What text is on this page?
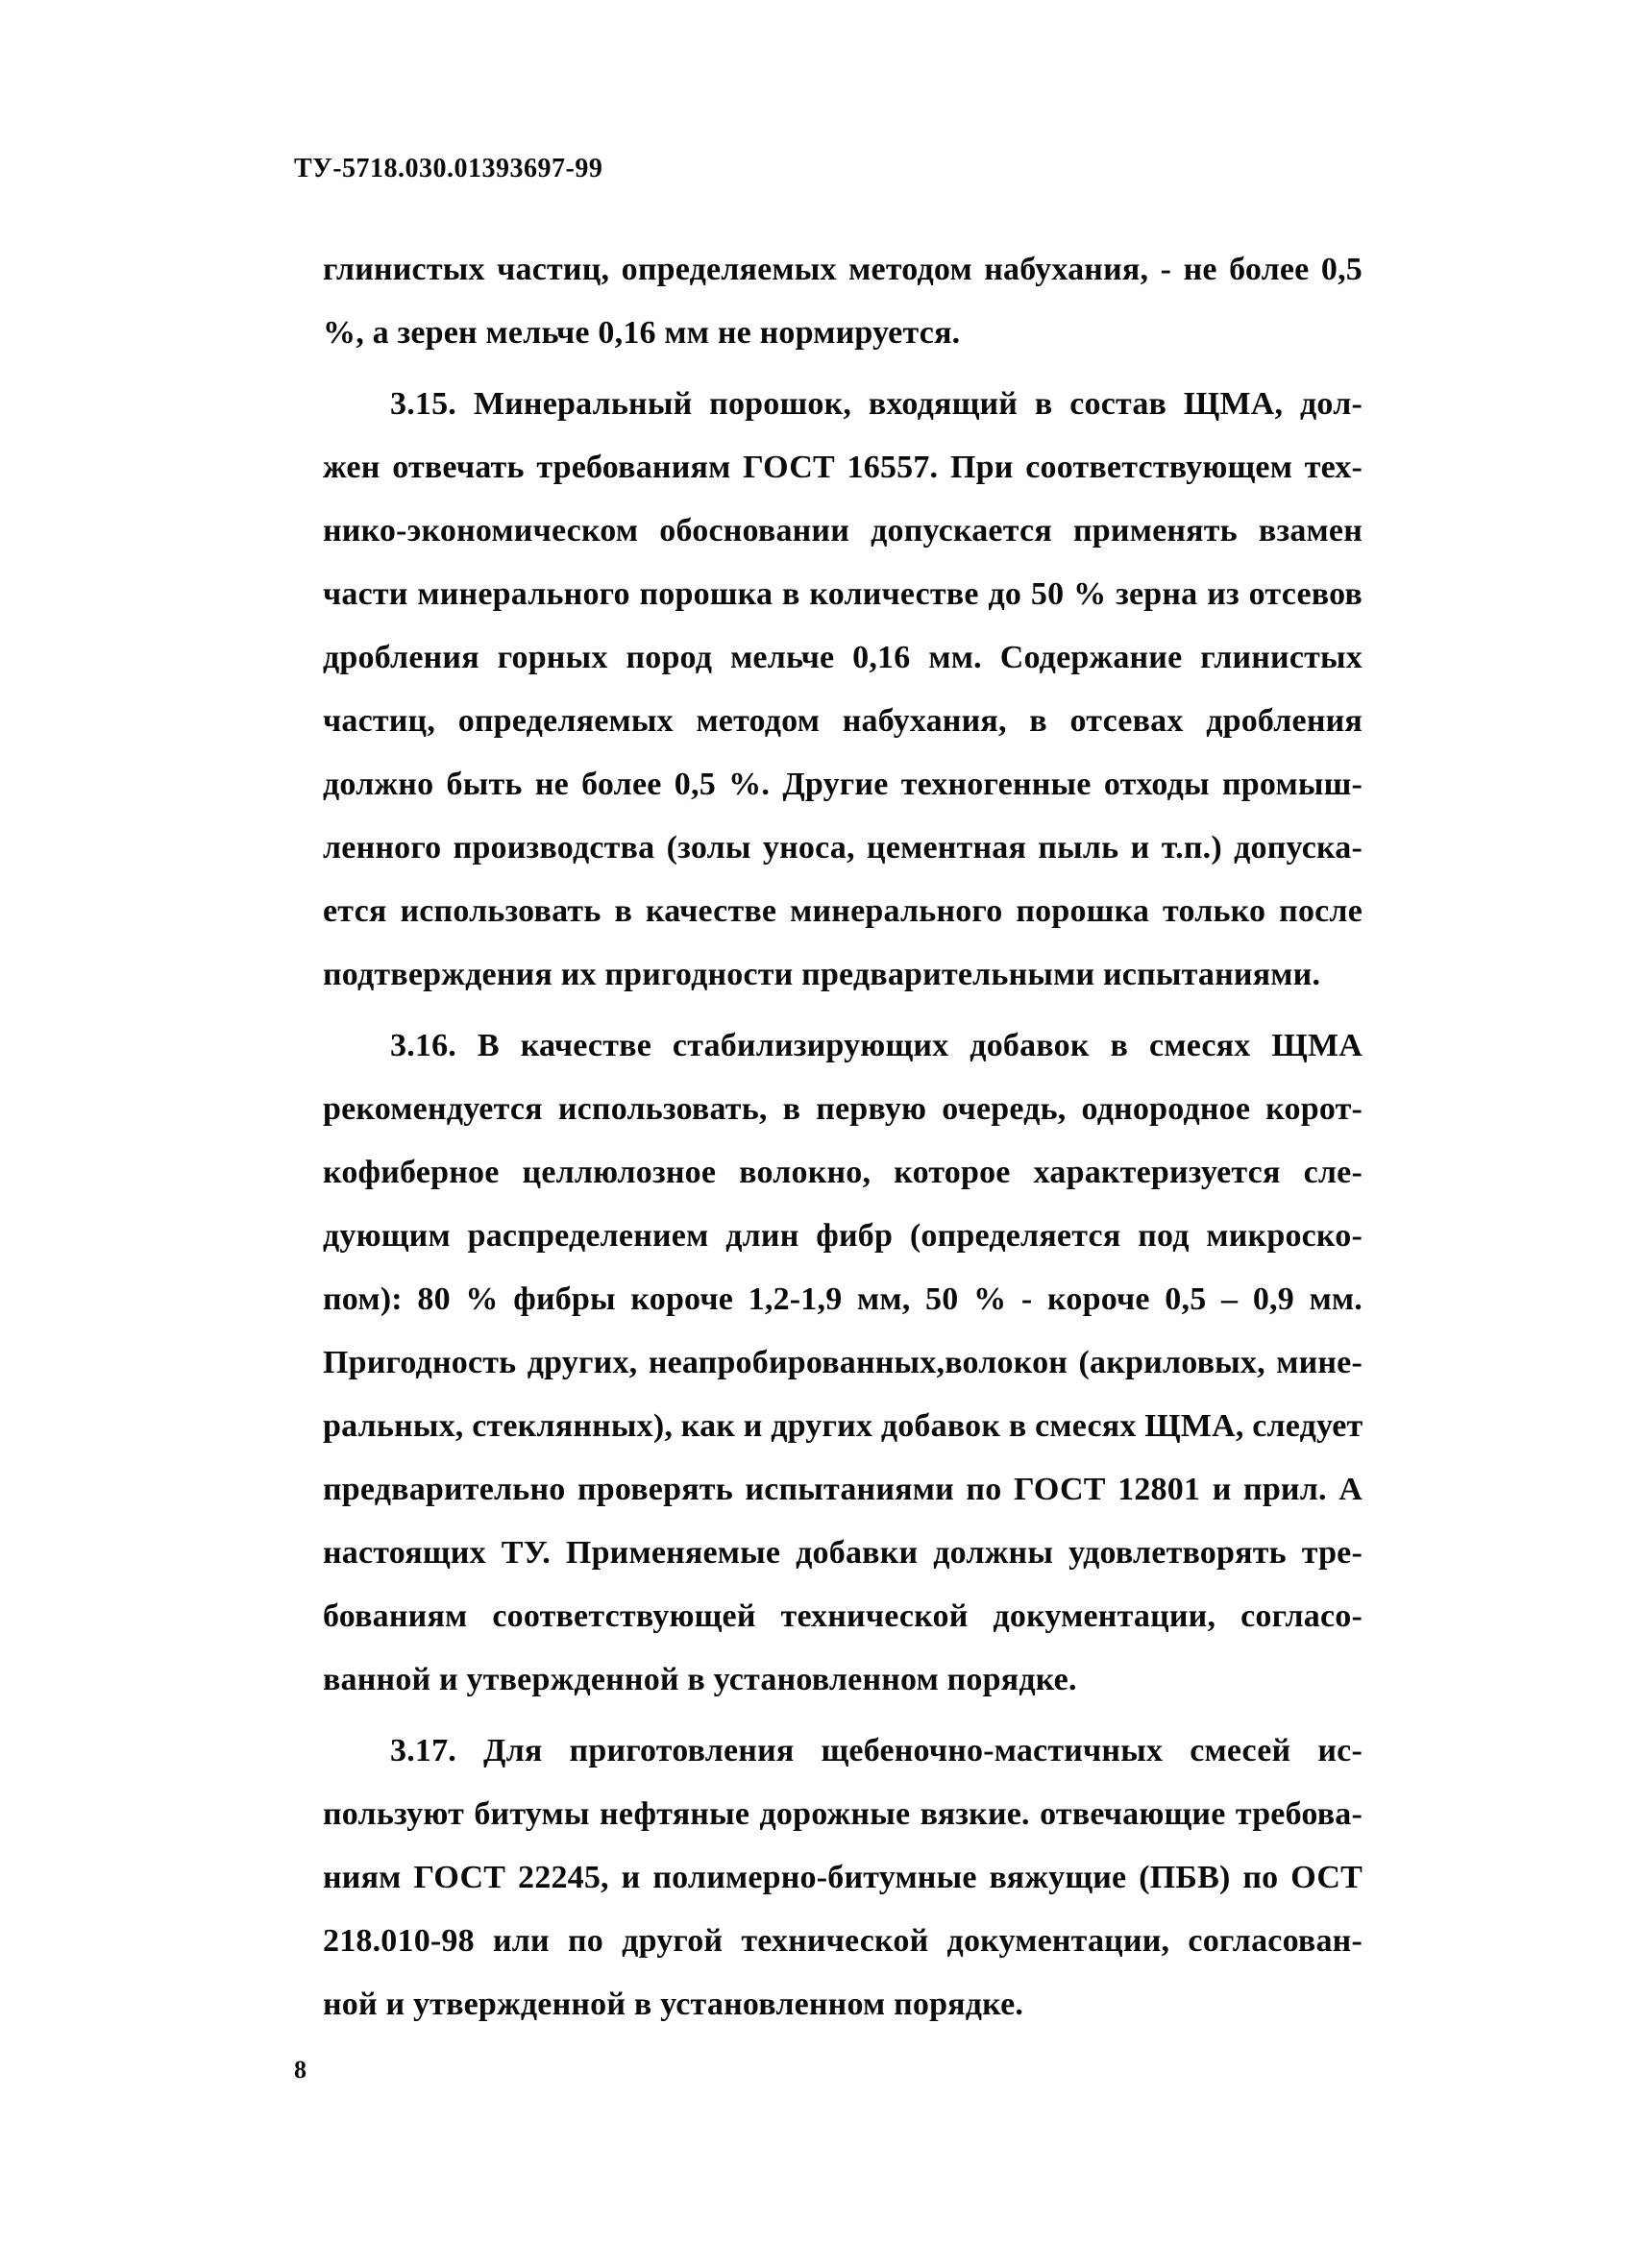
ТУ-5718.030.01393697-99
глинистых частиц, определяемых методом набухания, - не более 0,5
%, а зерен мельче 0,16 мм не нормируется.
3.15. Минеральный порошок, входящий в состав ЩМА, дол-
жен отвечать требованиям ГОСТ 16557. При соответствующем тех-
нико-экономическом обосновании допускается применять взамен
части минерального порошка в количестве до 50 % зерна из отсевов
дробления горных пород мельче 0,16 мм. Содержание глинистых
частиц, определяемых методом набухания, в отсевах дробления
должно быть не более 0,5 %. Другие техногенные отходы промыш-
ленного производства (золы уноса, цементная пыль и т.п.) допуска-
ется использовать в качестве минерального порошка только после
подтверждения их пригодности предварительными испытаниями.
3.16. В качестве стабилизирующих добавок в смесях ЩМА
рекомендуется использовать, в первую очередь, однородное корот-
кофиберное целлюлозное волокно, которое характеризуется сле-
дующим распределением длин фибр (определяется под микроско-
пом): 80 % фибры короче 1,2-1,9 мм, 50 % - короче 0,5 – 0,9 мм.
Пригодность других, неапробированных,волокон (акриловых, мине-
ральных, стеклянных), как и других добавок в смесях ЩМА, следует
предварительно проверять испытаниями по ГОСТ 12801 и прил. А
настоящих ТУ. Применяемые добавки должны удовлетворять тре-
бованиям соответствующей технической документации, согласо-
ванной и утвержденной в установленном порядке.
3.17. Для приготовления щебеночно-мастичных смесей ис-
пользуют битумы нефтяные дорожные вязкие. отвечающие требова-
ниям ГОСТ 22245, и полимерно-битумные вяжущие (ПБВ) по ОСТ
218.010-98 или по другой технической документации, согласован-
ной и утвержденной в установленном порядке.
8
